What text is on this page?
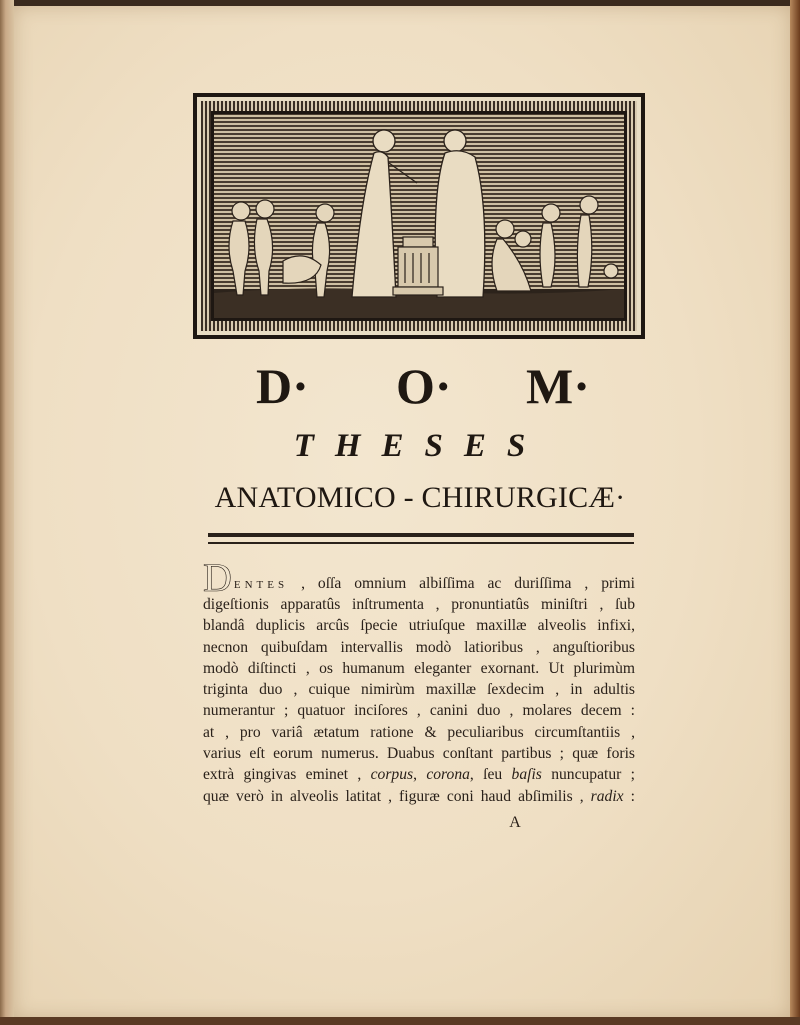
D· O· M·
THESES
ANATOMICO - CHIRURGICÆ·
DENTES , oſſa omnium albiſſima ac duriſſima , primi
digeſtionis apparatûs inſtrumenta , pronuntiatûs miniſtri , ſub
blandâ duplicis arcûs ſpecie utriuſque maxillæ alveolis infixi,
necnon quibuſdam intervallis modò latioribus , anguſtioribus
modò diſtincti , os humanum eleganter exornant. Ut plurimùm
triginta duo , cuique nimirùm maxillæ ſexdecim , in adultis
numerantur ; quatuor inciſores , canini duo , molares decem :
at , pro variâ ætatum ratione & peculiaribus circumſtantiis ,
varius eſt eorum numerus. Duabus conſtant partibus ; quæ foris
extrà gingivas eminet , corpus, corona, ſeu baſis nuncupatur ;
quæ verò in alveolis latitat , figuræ coni haud abſimilis , radix :
A
